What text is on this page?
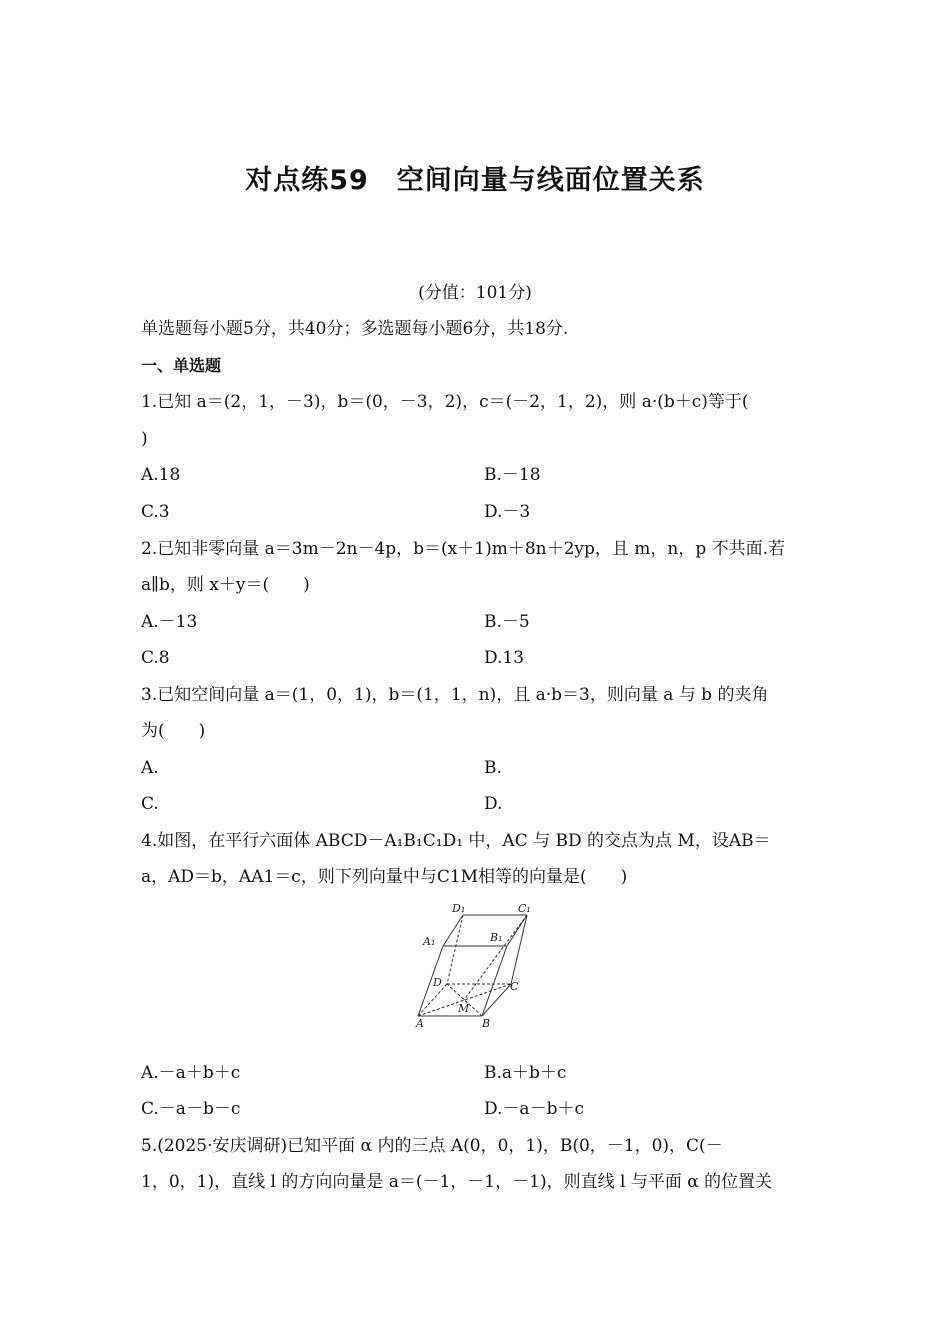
对点练59　空间向量与线面位置关系
(分值：101分)
单选题每小题5分，共40分；多选题每小题6分，共18分.
一、单选题
1.已知 a＝(2，1，－3)，b＝(0，－3，2)，c＝(－2，1，2)，则 a·(b＋c)等于(
)
A.18	B.－18
C.3	D.－3
2.已知非零向量 a＝3m－2n－4p，b＝(x＋1)m＋8n＋2yp，且 m，n，p 不共面.若
a∥b，则 x＋y＝(　　)
A.－13	B.－5
C.8	D.13
3.已知空间向量 a＝(1，0，1)，b＝(1，1，n)，且 a·b＝3，则向量 a 与 b 的夹角
为(　　)
A.	B.
C.	D.
4.如图，在平行六面体 ABCD－A₁B₁C₁D₁ 中，AC 与 BD 的交点为点 M，设AB＝
a，AD＝b，AA1＝c，则下列向量中与C1M相等的向量是(　　)
D₁	C₁
A₁	B₁
D	C
M
A	B
A.－a＋b＋c	B.a＋b＋c
C.－a－b－c	D.－a－b＋c
5.(2025·安庆调研)已知平面 α 内的三点 A(0，0，1)，B(0，－1，0)，C(－
1，0，1)，直线 l 的方向向量是 a＝(－1，－1，－1)，则直线 l 与平面 α 的位置关
